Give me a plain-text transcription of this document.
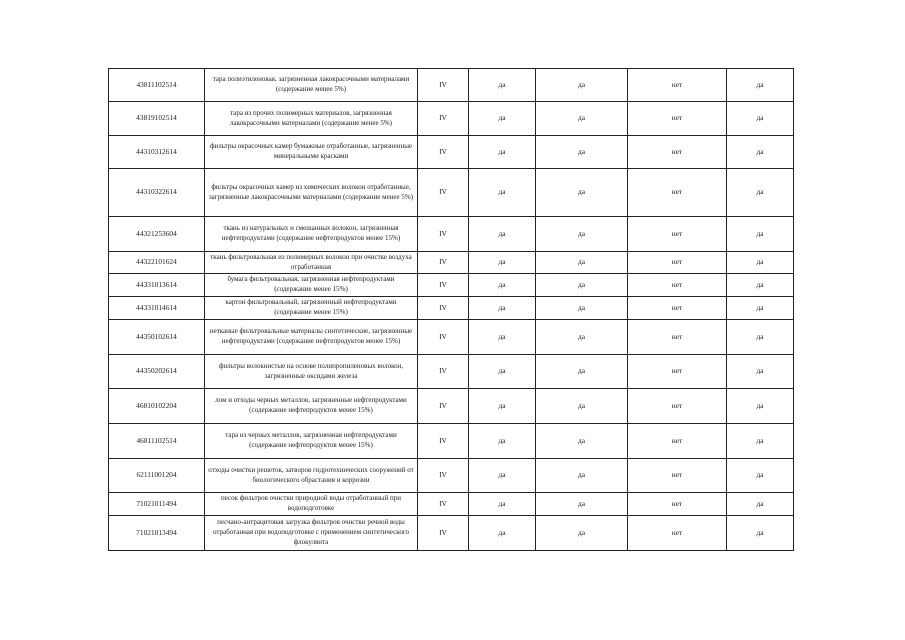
43811102514	тара полиэтиленовая, загрязненная лакокрасочными материалами (содержание менее 5%)	IV	да	да	нет	да
43819102514	тара из прочих полимерных материалов, загрязненная лакокрасочными материалами (содержание менее 5%)	IV	да	да	нет	да
44310312614	фильтры окрасочных камер бумажные отработанные, загрязненные минеральными красками	IV	да	да	нет	да
44310322614	фильтры окрасочных камер из химических волокон отработанные, загрязненные лакокрасочными материалами (содержание менее 5%)	IV	да	да	нет	да
44321253604	ткань из натуральных и смешанных волокон, загрязненная нефтепродуктами (содержание нефтепродуктов менее 15%)	IV	да	да	нет	да
44322101624	ткань фильтровальная из полимерных волокон при очистке воздуха отработанная	IV	да	да	нет	да
44331013614	бумага фильтровальная, загрязненная нефтепродуктами (содержание менее 15%)	IV	да	да	нет	да
44331014614	картон фильтровальный, загрязненный нефтепродуктами (содержание менее 15%)	IV	да	да	нет	да
44350102614	нетканые фильтровальные материалы синтетические, загрязненные нефтепродуктами (содержание нефтепродуктов менее 15%)	IV	да	да	нет	да
44350202614	фильтры волокнистые на основе полипропиленовых волокон, загрязненные оксидами железа	IV	да	да	нет	да
46810102204	лом и отходы черных металлов, загрязненные нефтепродуктами (содержание нефтепродуктов менее 15%)	IV	да	да	нет	да
46811102514	тара из черных металлов, загрязненная нефтепродуктами (содержание нефтепродуктов менее 15%)	IV	да	да	нет	да
62111001204	отходы очистки решеток, затворов гидротехнических сооружений от биологического обрастания и коррозии	IV	да	да	нет	да
71021011494	песок фильтров очистки природной воды отработанный при водоподготовке	IV	да	да	нет	да
71021013494	песчано-антрацитовая загрузка фильтров очистки речной воды отработанная при водоподготовке с применением синтетического флокулянта	IV	да	да	нет	да
